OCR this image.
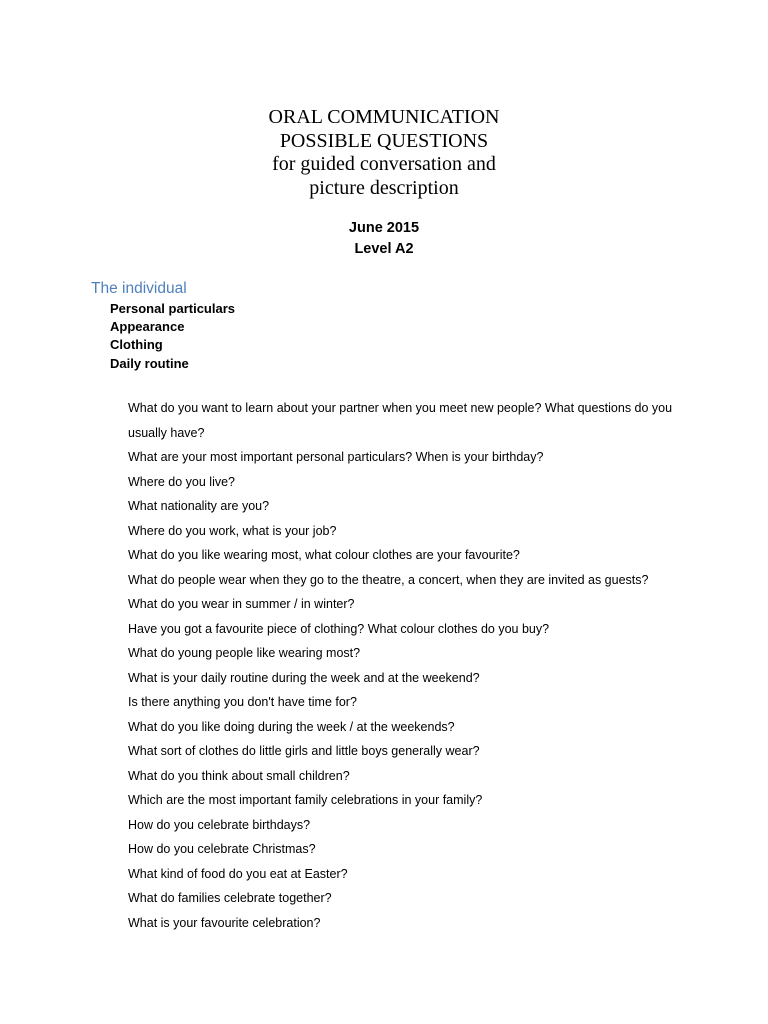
ORAL COMMUNICATION
POSSIBLE QUESTIONS
for guided conversation and
picture description
June 2015
Level A2
The individual
Personal particulars
Appearance
Clothing
Daily routine
What do you want to learn about your partner when you meet new people? What questions do you usually have?
What are your most important personal particulars? When is your birthday?
Where do you live?
What nationality are you?
Where do you work, what is your job?
What do you like wearing most, what colour clothes are your favourite?
What do people wear when they go to the theatre, a concert, when they are invited as guests?
What do you wear in summer / in winter?
Have you got a favourite piece of clothing? What colour clothes do you buy?
What do young people like wearing most?
What is your daily routine during the week and at the weekend?
Is there anything you don't have time for?
What do you like doing during the week / at the weekends?
What sort of clothes do little girls and little boys generally wear?
What do you think about small children?
Which are the most important family celebrations in your family?
How do you celebrate birthdays?
How do you celebrate Christmas?
What kind of food do you eat at Easter?
What do families celebrate together?
What is your favourite celebration?
